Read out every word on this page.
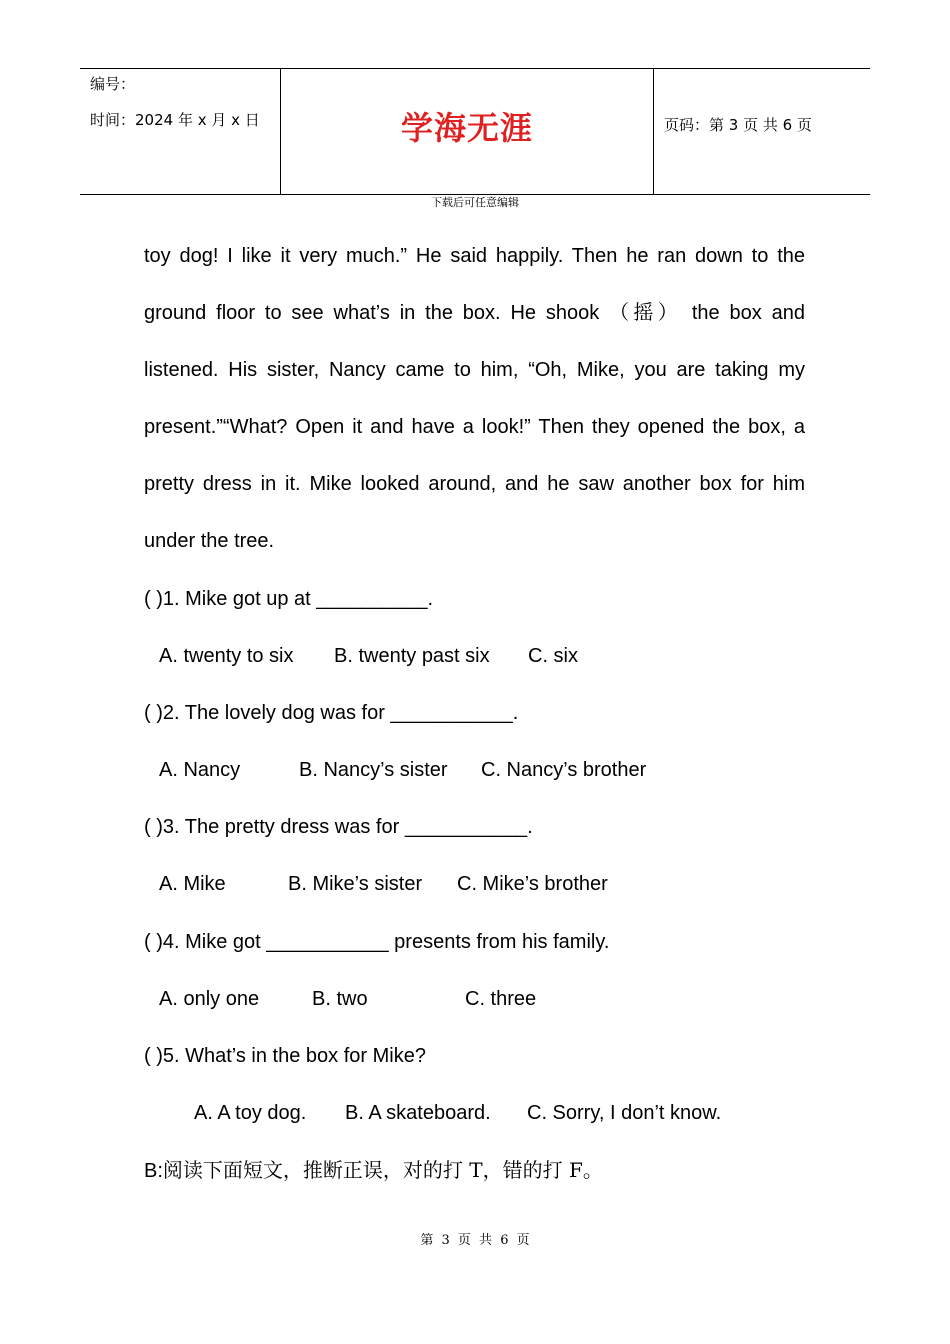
编号：
时间：2024 年 x 月 x 日	学海无涯	页码：第 3 页 共 6 页
下载后可任意编辑
toy dog! I like it very much.” He said happily. Then he ran down to the
ground floor to see what’s in the box. He shook （摇） the box and
listened. His sister, Nancy came to him, “Oh, Mike, you are taking my
present.”“What? Open it and have a look!” Then they opened the box, a
pretty dress in it. Mike looked around, and he saw another box for him
under the tree.
( )1. Mike got up at __________.
A. twenty to six B. twenty past six C. six
( )2. The lovely dog was for ___________.
A. Nancy	B. Nancy’s sister C. Nancy’s brother
( )3. The pretty dress was for ___________.
A. Mike	B. Mike’s sister C. Mike’s brother
( )4. Mike got ___________ presents from his family.
A. only one	B. two	C. three
( )5. What’s in the box for Mike?
A. A toy dog. B. A skateboard. C. Sorry, I don’t know.
B:阅读下面短文，推断正误，对的打 T，错的打 F。
第 3 页 共 6 页
